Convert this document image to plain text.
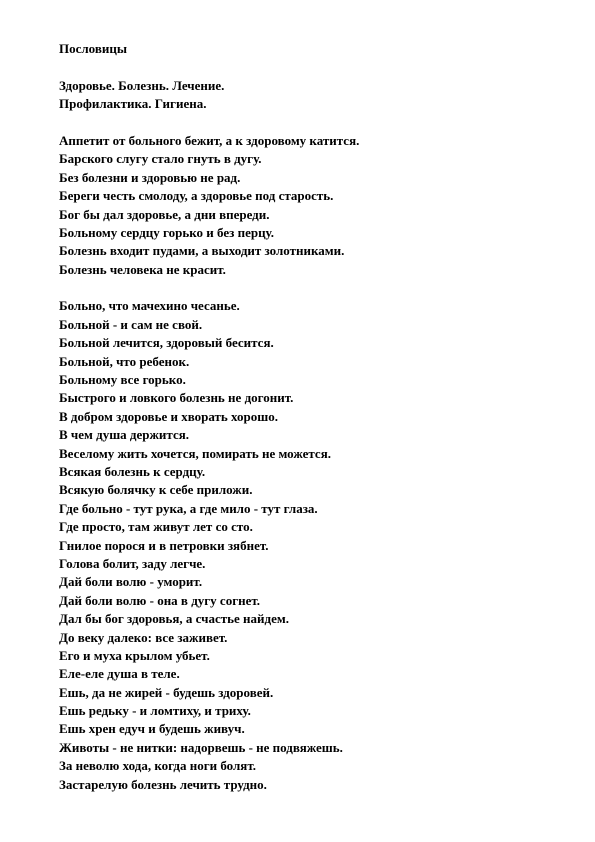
Пословицы
Здоровье. Болезнь. Лечение.
Профилактика. Гигиена.
Аппетит от больного бежит, а к здоровому катится.
Барского слугу стало гнуть в дугу.
Без болезни и здоровью не рад.
Береги честь смолоду, а здоровье под старость.
Бог бы дал здоровье, а дни впереди.
Больному сердцу горько и без перцу.
Болезнь входит пудами, а выходит золотниками.
Болезнь человека не красит.
Больно, что мачехино чесанье.
Больной - и сам не свой.
Больной лечится, здоровый бесится.
Больной, что ребенок.
Больному все горько.
Быстрого и ловкого болезнь не догонит.
В добром здоровье и хворать хорошо.
В чем душа держится.
Веселому жить хочется, помирать не можется.
Всякая болезнь к сердцу.
Всякую болячку к себе приложи.
Где больно - тут рука, а где мило - тут глаза.
Где просто, там живут лет со сто.
Гнилое порося и в петровки зябнет.
Голова болит, заду легче.
Дай боли волю - уморит.
Дай боли волю - она в дугу согнет.
Дал бы бог здоровья, а счастье найдем.
До веку далеко: все заживет.
Его и муха крылом убьет.
Еле-еле душа в теле.
Ешь, да не жирей - будешь здоровей.
Ешь редьку - и ломтиху, и триху.
Ешь хрен едуч и будешь живуч.
Животы - не нитки: надорвешь - не подвяжешь.
За неволю хода, когда ноги болят.
Застарелую болезнь лечить трудно.
